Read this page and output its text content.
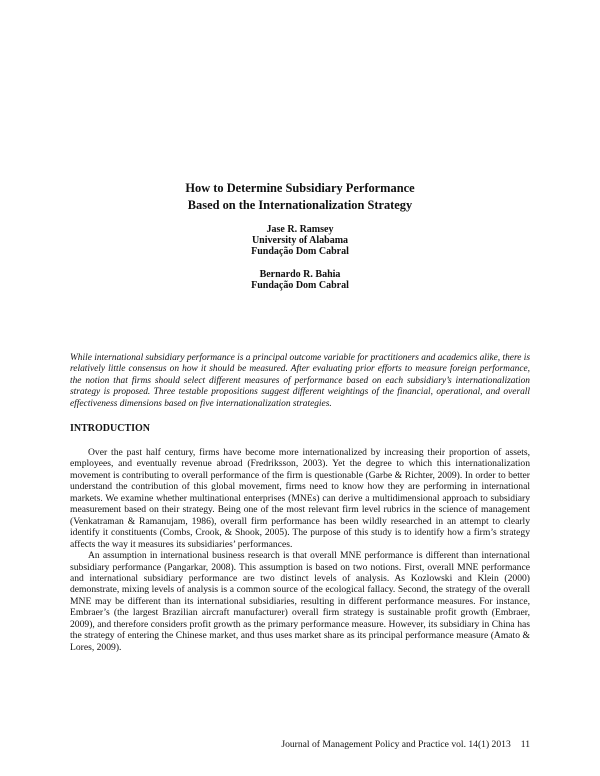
How to Determine Subsidiary Performance
Based on the Internationalization Strategy
Jase R. Ramsey
University of Alabama
Fundação Dom Cabral
Bernardo R. Bahia
Fundação Dom Cabral
While international subsidiary performance is a principal outcome variable for practitioners and academics alike, there is relatively little consensus on how it should be measured. After evaluating prior efforts to measure foreign performance, the notion that firms should select different measures of performance based on each subsidiary’s internationalization strategy is proposed. Three testable propositions suggest different weightings of the financial, operational, and overall effectiveness dimensions based on five internationalization strategies.
INTRODUCTION

Over the past half century, firms have become more internationalized by increasing their proportion of assets, employees, and eventually revenue abroad (Fredriksson, 2003). Yet the degree to which this internationalization movement is contributing to overall performance of the firm is questionable (Garbe & Richter, 2009). In order to better understand the contribution of this global movement, firms need to know how they are performing in international markets. We examine whether multinational enterprises (MNEs) can derive a multidimensional approach to subsidiary measurement based on their strategy. Being one of the most relevant firm level rubrics in the science of management (Venkatraman & Ramanujam, 1986), overall firm performance has been wildly researched in an attempt to clearly identify it constituents (Combs, Crook, & Shook, 2005). The purpose of this study is to identify how a firm’s strategy affects the way it measures its subsidiaries’ performances.

An assumption in international business research is that overall MNE performance is different than international subsidiary performance (Pangarkar, 2008). This assumption is based on two notions. First, overall MNE performance and international subsidiary performance are two distinct levels of analysis. As Kozlowski and Klein (2000) demonstrate, mixing levels of analysis is a common source of the ecological fallacy. Second, the strategy of the overall MNE may be different than its international subsidiaries, resulting in different performance measures. For instance, Embraer’s (the largest Brazilian aircraft manufacturer) overall firm strategy is sustainable profit growth (Embraer, 2009), and therefore considers profit growth as the primary performance measure. However, its subsidiary in China has the strategy of entering the Chinese market, and thus uses market share as its principal performance measure (Amato & Lores, 2009).

Journal of Management Policy and Practice vol. 14(1) 2013 11
